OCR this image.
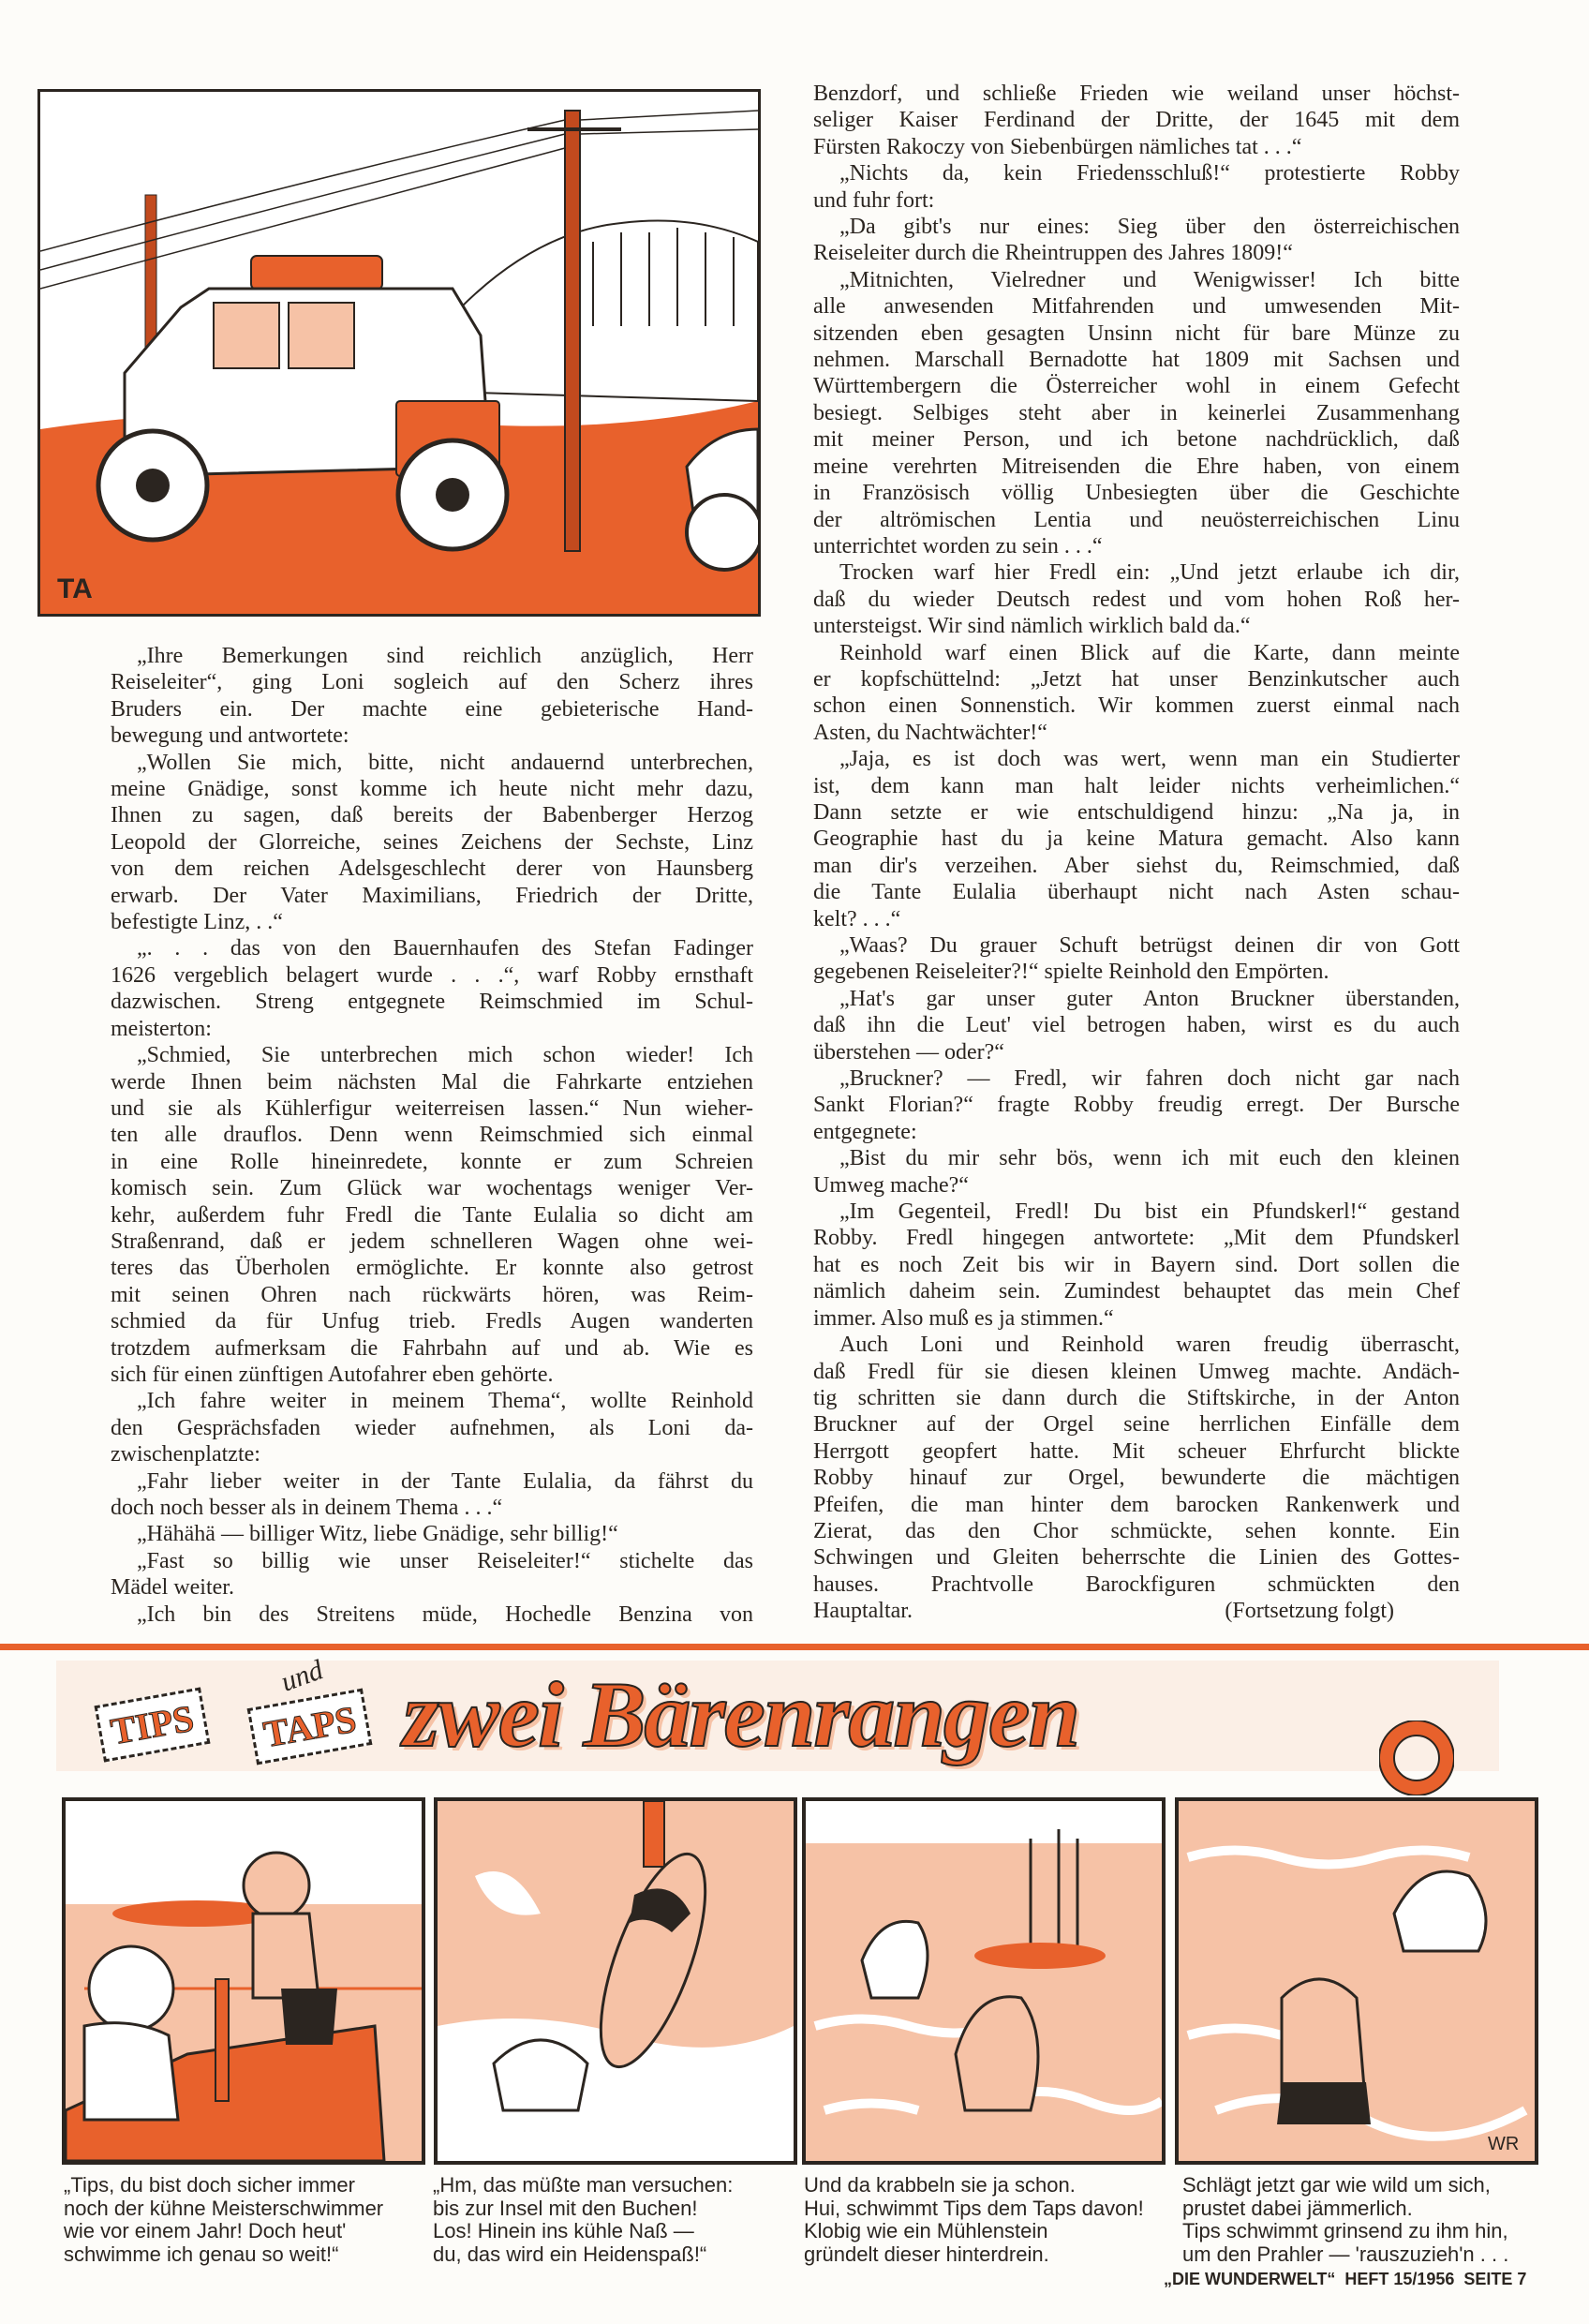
TA
„Ihre Bemerkungen sind reichlich anzüglich, Herr
Reiseleiter“, ging Loni sogleich auf den Scherz ihres
Bruders ein. Der machte eine gebieterische Hand-
bewegung und antwortete:
„Wollen Sie mich, bitte, nicht andauernd unterbrechen,
meine Gnädige, sonst komme ich heute nicht mehr dazu,
Ihnen zu sagen, daß bereits der Babenberger Herzog
Leopold der Glorreiche, seines Zeichens der Sechste, Linz
von dem reichen Adelsgeschlecht derer von Haunsberg
erwarb. Der Vater Maximilians, Friedrich der Dritte,
befestigte Linz, . .“
„. . . das von den Bauernhaufen des Stefan Fadinger
1626 vergeblich belagert wurde . . .“, warf Robby ernsthaft
dazwischen. Streng entgegnete Reimschmied im Schul-
meisterton:
„Schmied, Sie unterbrechen mich schon wieder! Ich
werde Ihnen beim nächsten Mal die Fahrkarte entziehen
und sie als Kühlerfigur weiterreisen lassen.“ Nun wieher-
ten alle drauflos. Denn wenn Reimschmied sich einmal
in eine Rolle hineinredete, konnte er zum Schreien
komisch sein. Zum Glück war wochentags weniger Ver-
kehr, außerdem fuhr Fredl die Tante Eulalia so dicht am
Straßenrand, daß er jedem schnelleren Wagen ohne wei-
teres das Überholen ermöglichte. Er konnte also getrost
mit seinen Ohren nach rückwärts hören, was Reim-
schmied da für Unfug trieb. Fredls Augen wanderten
trotzdem aufmerksam die Fahrbahn auf und ab. Wie es
sich für einen zünftigen Autofahrer eben gehörte.
„Ich fahre weiter in meinem Thema“, wollte Reinhold
den Gesprächsfaden wieder aufnehmen, als Loni da-
zwischenplatzte:
„Fahr lieber weiter in der Tante Eulalia, da fährst du
doch noch besser als in deinem Thema . . .“
„Hähähä — billiger Witz, liebe Gnädige, sehr billig!“
„Fast so billig wie unser Reiseleiter!“ stichelte das
Mädel weiter.
„Ich bin des Streitens müde, Hochedle Benzina von
Benzdorf, und schließe Frieden wie weiland unser höchst-
seliger Kaiser Ferdinand der Dritte, der 1645 mit dem
Fürsten Rakoczy von Siebenbürgen nämliches tat . . .“
„Nichts da, kein Friedensschluß!“ protestierte Robby
und fuhr fort:
„Da gibt's nur eines: Sieg über den österreichischen
Reiseleiter durch die Rheintruppen des Jahres 1809!“
„Mitnichten, Vielredner und Wenigwisser! Ich bitte
alle anwesenden Mitfahrenden und umwesenden Mit-
sitzenden eben gesagten Unsinn nicht für bare Münze zu
nehmen. Marschall Bernadotte hat 1809 mit Sachsen und
Württembergern die Österreicher wohl in einem Gefecht
besiegt. Selbiges steht aber in keinerlei Zusammenhang
mit meiner Person, und ich betone nachdrücklich, daß
meine verehrten Mitreisenden die Ehre haben, von einem
in Französisch völlig Unbesiegten über die Geschichte
der altrömischen Lentia und neuösterreichischen Linu
unterrichtet worden zu sein . . .“
Trocken warf hier Fredl ein: „Und jetzt erlaube ich dir,
daß du wieder Deutsch redest und vom hohen Roß her-
untersteigst. Wir sind nämlich wirklich bald da.“
Reinhold warf einen Blick auf die Karte, dann meinte
er kopfschüttelnd: „Jetzt hat unser Benzinkutscher auch
schon einen Sonnenstich. Wir kommen zuerst einmal nach
Asten, du Nachtwächter!“
„Jaja, es ist doch was wert, wenn man ein Studierter
ist, dem kann man halt leider nichts verheimlichen.“
Dann setzte er wie entschuldigend hinzu: „Na ja, in
Geographie hast du ja keine Matura gemacht. Also kann
man dir's verzeihen. Aber siehst du, Reimschmied, daß
die Tante Eulalia überhaupt nicht nach Asten schau-
kelt? . . .“
„Waas? Du grauer Schuft betrügst deinen dir von Gott
gegebenen Reiseleiter?!“ spielte Reinhold den Empörten.
„Hat's gar unser guter Anton Bruckner überstanden,
daß ihn die Leut' viel betrogen haben, wirst es du auch
überstehen — oder?“
„Bruckner? — Fredl, wir fahren doch nicht gar nach
Sankt Florian?“ fragte Robby freudig erregt. Der Bursche
entgegnete:
„Bist du mir sehr bös, wenn ich mit euch den kleinen
Umweg mache?“
„Im Gegenteil, Fredl! Du bist ein Pfundskerl!“ gestand
Robby. Fredl hingegen antwortete: „Mit dem Pfundskerl
hat es noch Zeit bis wir in Bayern sind. Dort sollen die
nämlich daheim sein. Zumindest behauptet das mein Chef
immer. Also muß es ja stimmen.“
Auch Loni und Reinhold waren freudig überrascht,
daß Fredl für sie diesen kleinen Umweg machte. Andäch-
tig schritten sie dann durch die Stiftskirche, in der Anton
Bruckner auf der Orgel seine herrlichen Einfälle dem
Herrgott geopfert hatte. Mit scheuer Ehrfurcht blickte
Robby hinauf zur Orgel, bewunderte die mächtigen
Pfeifen, die man hinter dem barocken Rankenwerk und
Zierat, das den Chor schmückte, sehen konnte. Ein
Schwingen und Gleiten beherrschte die Linien des Gottes-
hauses. Prachtvolle Barockfiguren schmückten den
Hauptaltar.	(Fortsetzung folgt)
TIPS
und
TAPS zwei Bärenrangen
WR
„Tips, du bist doch sicher immer
noch der kühne Meisterschwimmer
wie vor einem Jahr! Doch heut'
schwimme ich genau so weit!“
„Hm, das müßte man versuchen:
bis zur Insel mit den Buchen!
Los! Hinein ins kühle Naß —
du, das wird ein Heidenspaß!“
Und da krabbeln sie ja schon.
Hui, schwimmt Tips dem Taps davon!
Klobig wie ein Mühlenstein
gründelt dieser hinterdrein.
Schlägt jetzt gar wie wild um sich,
prustet dabei jämmerlich.
Tips schwimmt grinsend zu ihm hin,
um den Prahler — 'rauszuzieh'n . . .
„DIE WUNDERWELT“ HEFT 15/1956 SEITE 7
